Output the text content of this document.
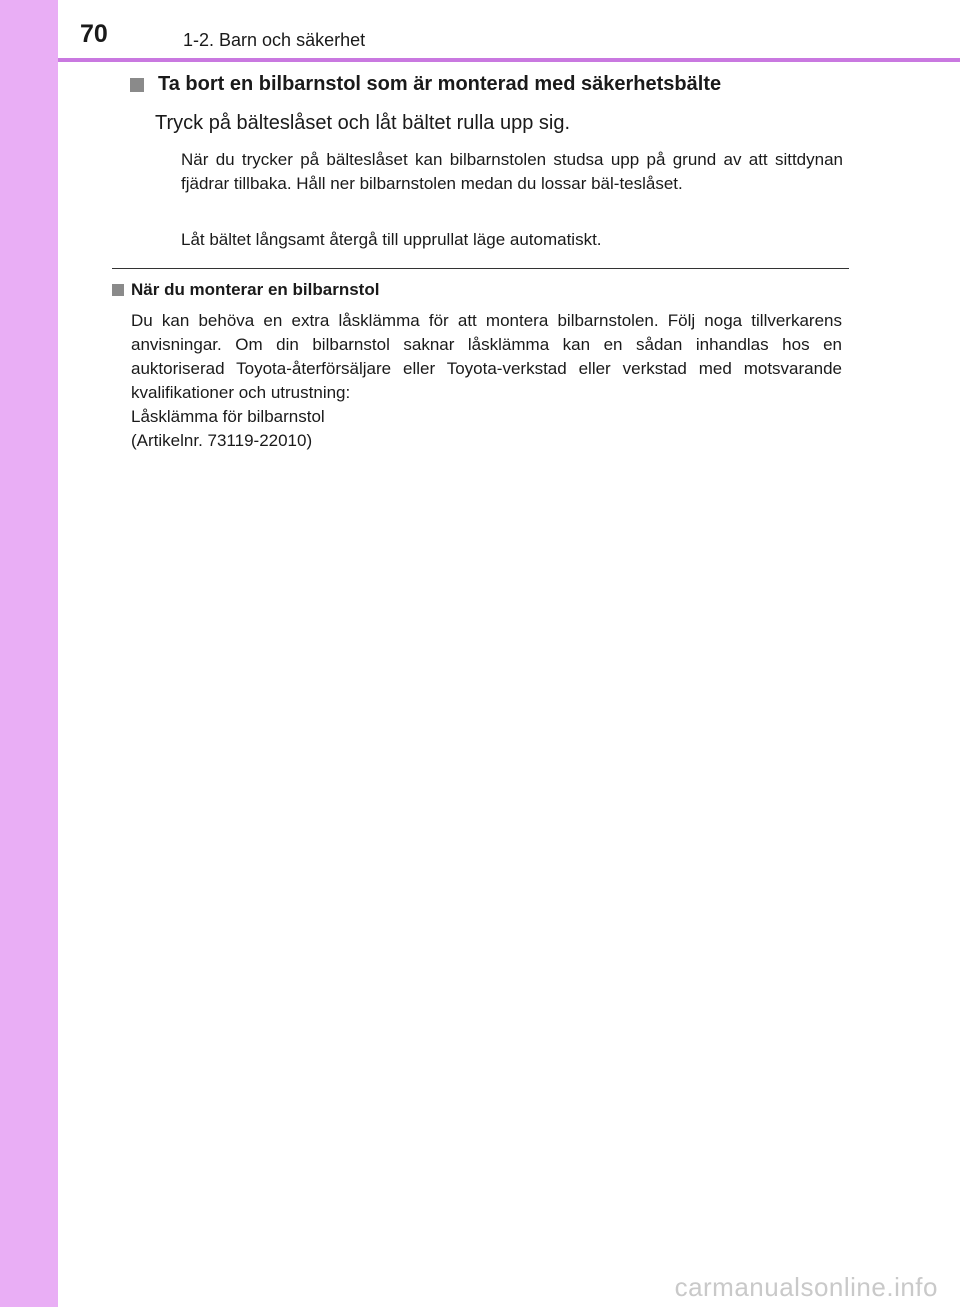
70	1-2. Barn och säkerhet
Ta bort en bilbarnstol som är monterad med säkerhetsbälte
Tryck på bälteslåset och låt bältet rulla upp sig.
När du trycker på bälteslåset kan bilbarnstolen studsa upp på grund av att sittdynan fjädrar tillbaka. Håll ner bilbarnstolen medan du lossar bäl-teslåset.
Låt bältet långsamt återgå till upprullat läge automatiskt.
När du monterar en bilbarnstol
Du kan behöva en extra låsklämma för att montera bilbarnstolen. Följ noga tillverkarens anvisningar. Om din bilbarnstol saknar låsklämma kan en sådan inhandlas hos en auktoriserad Toyota-återförsäljare eller Toyota-verkstad eller verkstad med motsvarande kvalifikationer och utrustning:
Låsklämma för bilbarnstol
(Artikelnr. 73119-22010)
carmanualsonline.info
